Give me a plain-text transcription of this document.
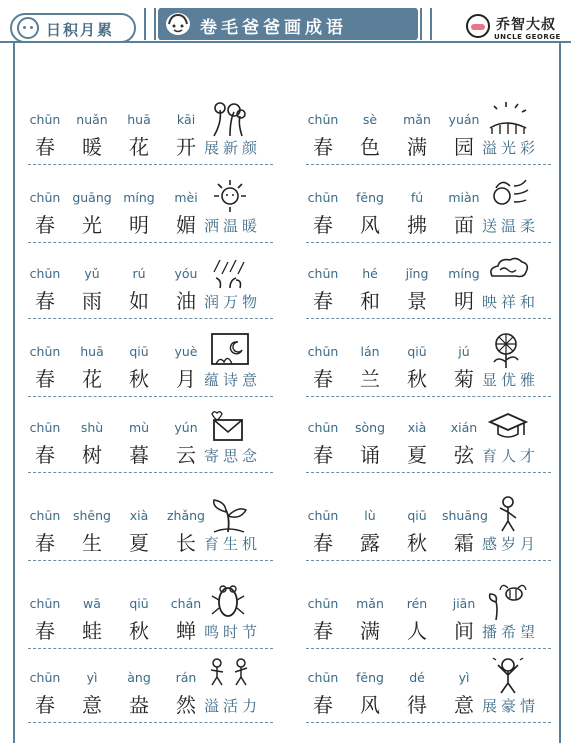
日积月累	卷毛爸爸画成语	乔智大叔
UNCLE GEORGE
chūn	nuǎn	huā	kāi
春	暖	花	开 展新颜
chūn	sè	mǎn	yuán
春	色	满	园 溢光彩
chūn guāng míng	mèi
春	光	明	媚 洒温暖
chūn	fēng	fú	miàn
春	风	拂	面 送温柔
chūn	yǔ	rú	yóu
春	雨	如	油 润万物
chūn	hé	jǐng	míng
春	和	景	明 映祥和
chūn	huā	qiū	yuè
春	花	秋	月 蕴诗意
chūn	lán	qiū	jú
春	兰	秋	菊 显优雅
chūn	shù	mù	yún
春	树	暮	云 寄思念
chūn	sòng	xià	xián
春	诵	夏	弦 育人才
chūn	shēng	xià	zhǎng
春	生	夏	长 育生机
chūn	lù	qiū	shuāng
春	露	秋	霜 感岁月
chūn	wā	qiū	chán
春	蛙	秋	蝉 鸣时节
chūn	mǎn	rén	jiān
春	满	人	间 播希望
chūn	yì	àng	rán
春	意	盎	然 溢活力
chūn	fēng	dé	yì
春	风	得	意 展豪情
